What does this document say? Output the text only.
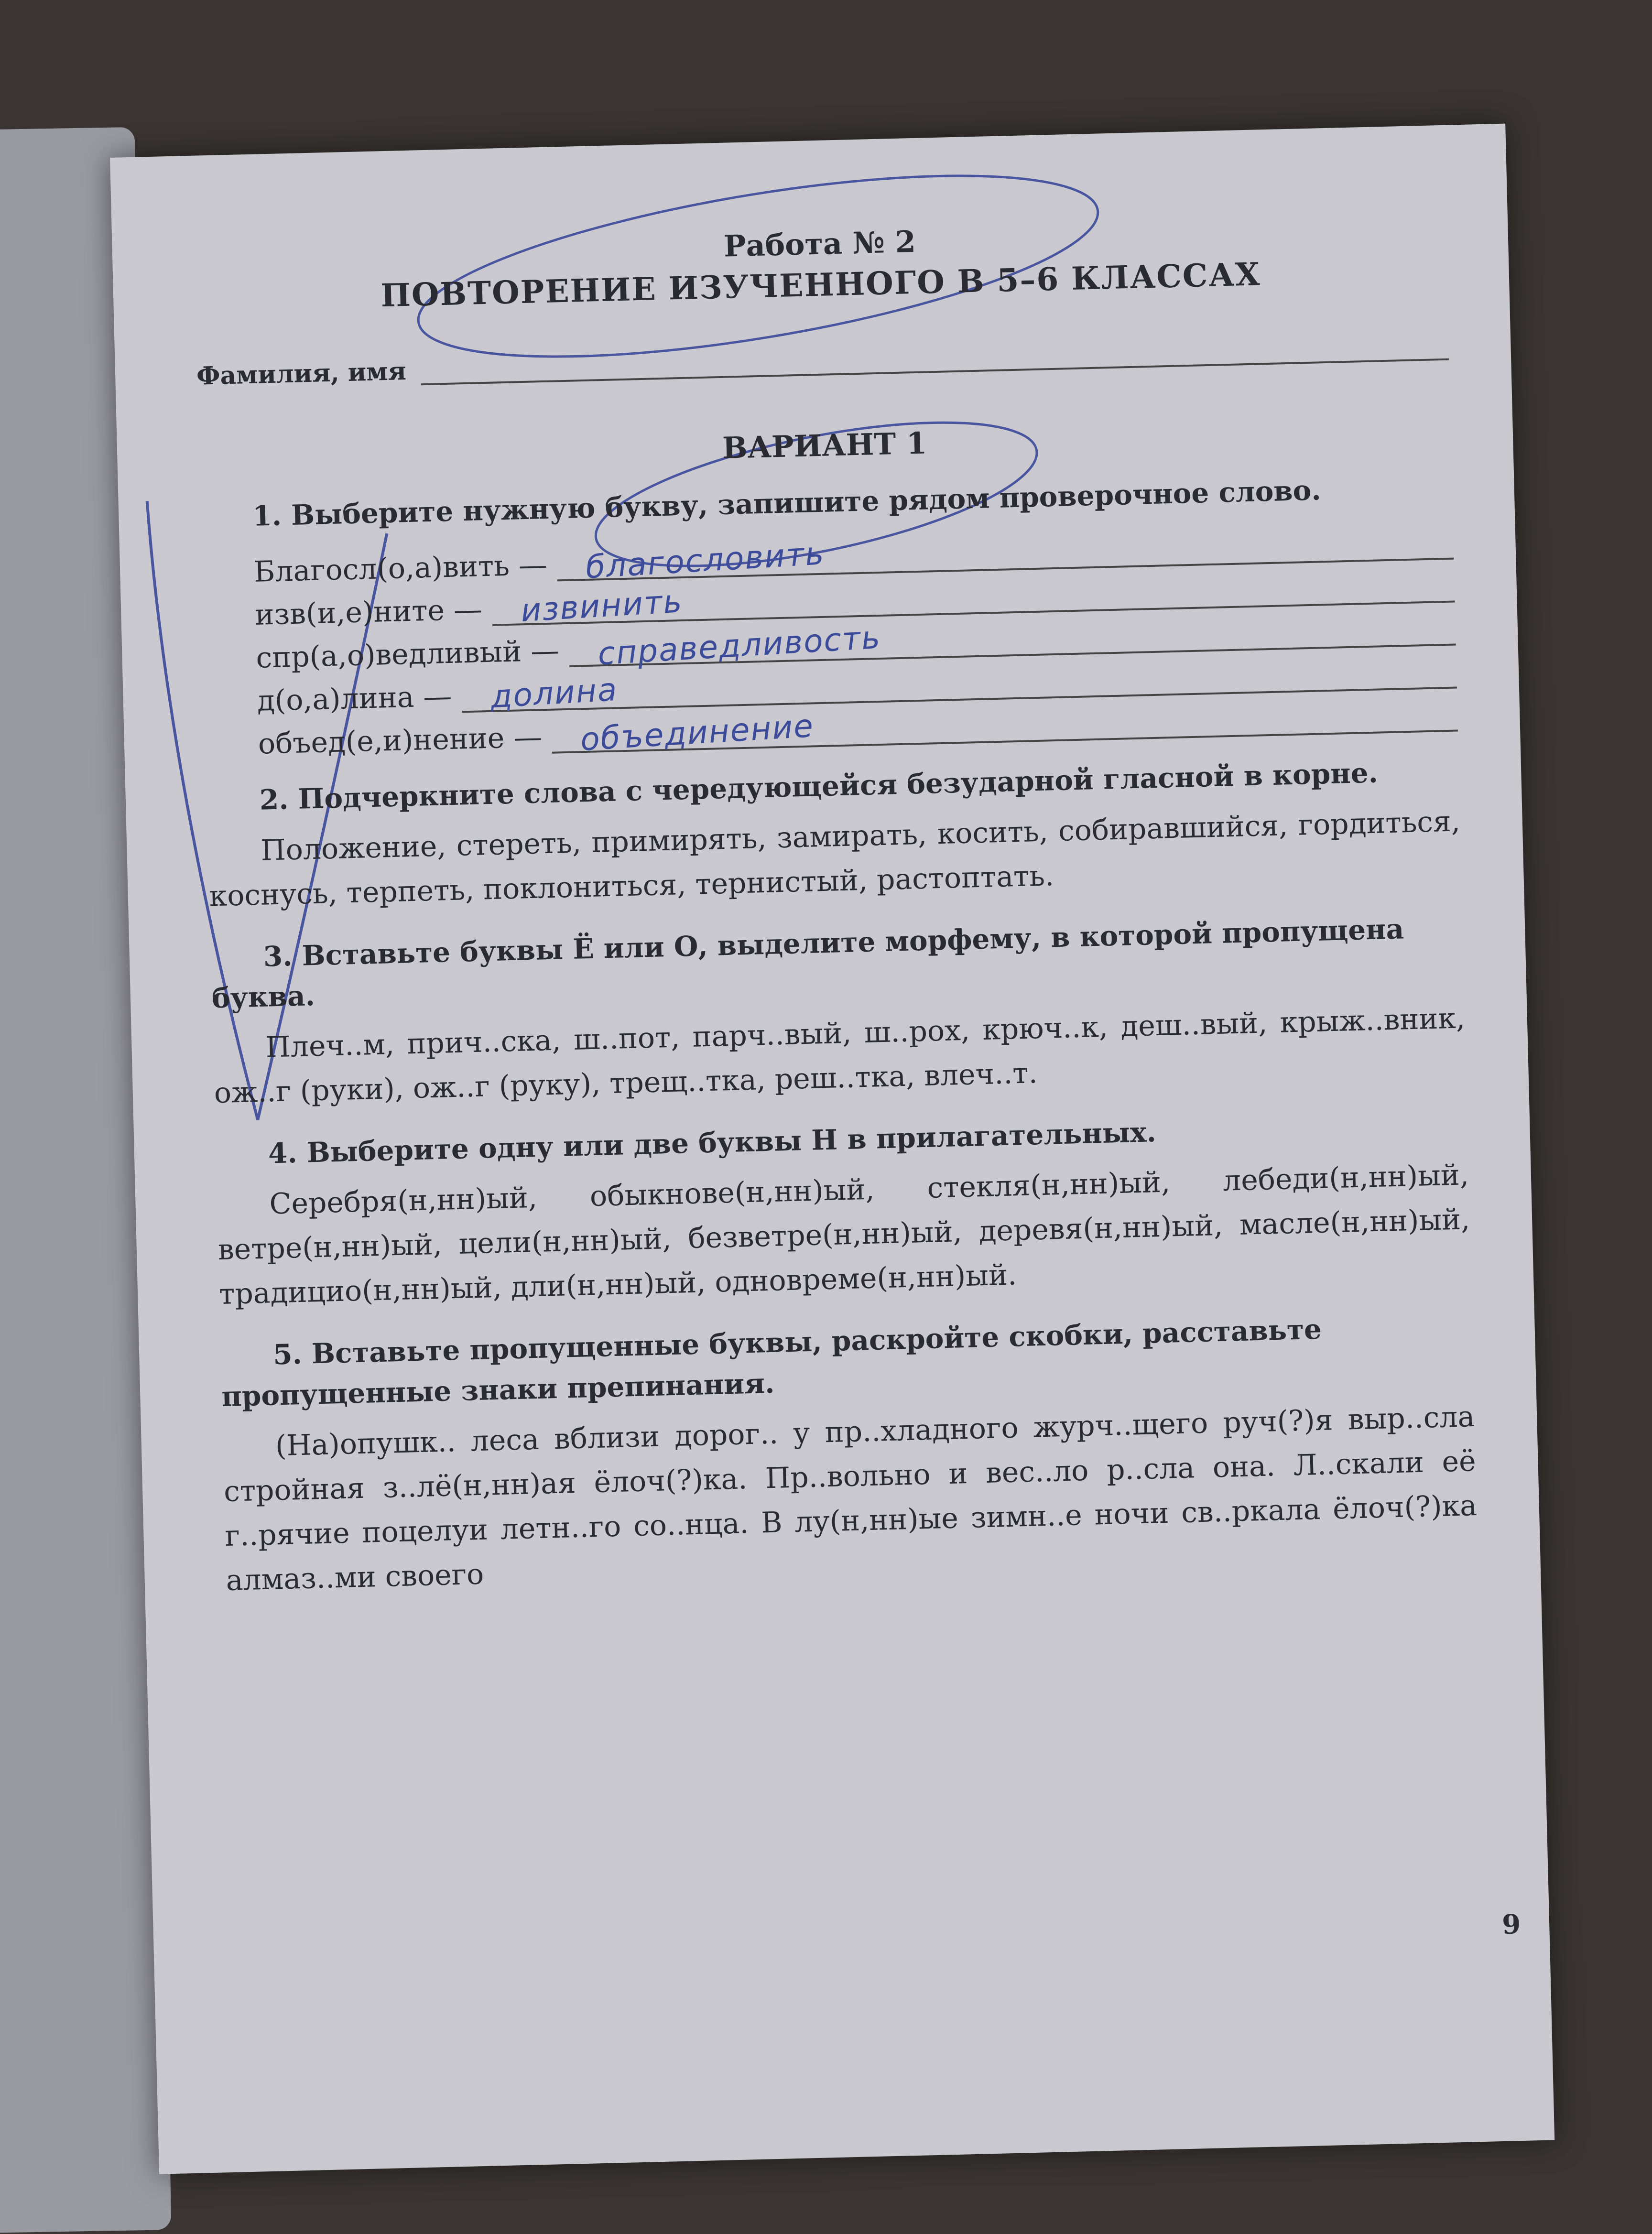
Работа № 2
ПОВТОРЕНИЕ ИЗУЧЕННОГО В 5–6 КЛАССАХ
Фамилия, имя
ВАРИАНТ 1
1. Выберите нужную букву, запишите рядом проверочное слово.
Благосл(о,а)вить — благословить
изв(и,е)ните — извинить
спр(а,о)ведливый — справедливость
д(о,а)лина — долина
объед(е,и)нение — объединение
2. Подчеркните слова с чередующейся безударной гласной в корне.
Положение, стереть, примирять, замирать, косить, собиравшийся, гордиться, коснусь, терпеть, поклониться, тернистый, растоптать.
3. Вставьте буквы Ё или О, выделите морфему, в которой пропущена буква.
Плеч..м, прич..ска, ш..пот, парч..вый, ш..рох, крюч..к, деш..вый, крыж..вник, ож..г (руки), ож..г (руку), трещ..тка, реш..тка, влеч..т.
4. Выберите одну или две буквы Н в прилагательных.
Серебря(н,нн)ый, обыкнове(н,нн)ый, стекля(н,нн)ый, лебеди(н,нн)ый, ветре(н,нн)ый, цели(н,нн)ый, безветре(н,нн)ый, деревя(н,нн)ый, масле(н,нн)ый, традицио(н,нн)ый, дли(н,нн)ый, одновреме(н,нн)ый.
5. Вставьте пропущенные буквы, раскройте скобки, расставьте пропущенные знаки препинания.
(На)опушк.. леса вблизи дорог.. у пр..хладного журч..щего руч(?)я выр..сла стройная з..лё(н,нн)ая ёлоч(?)ка. Пр..вольно и вес..ло р..сла она. Л..скали её г..рячие поцелуи летн..го со..нца. В лу(н,нн)ые зимн..е ночи св..ркала ёлоч(?)ка алмаз..ми своего
9
